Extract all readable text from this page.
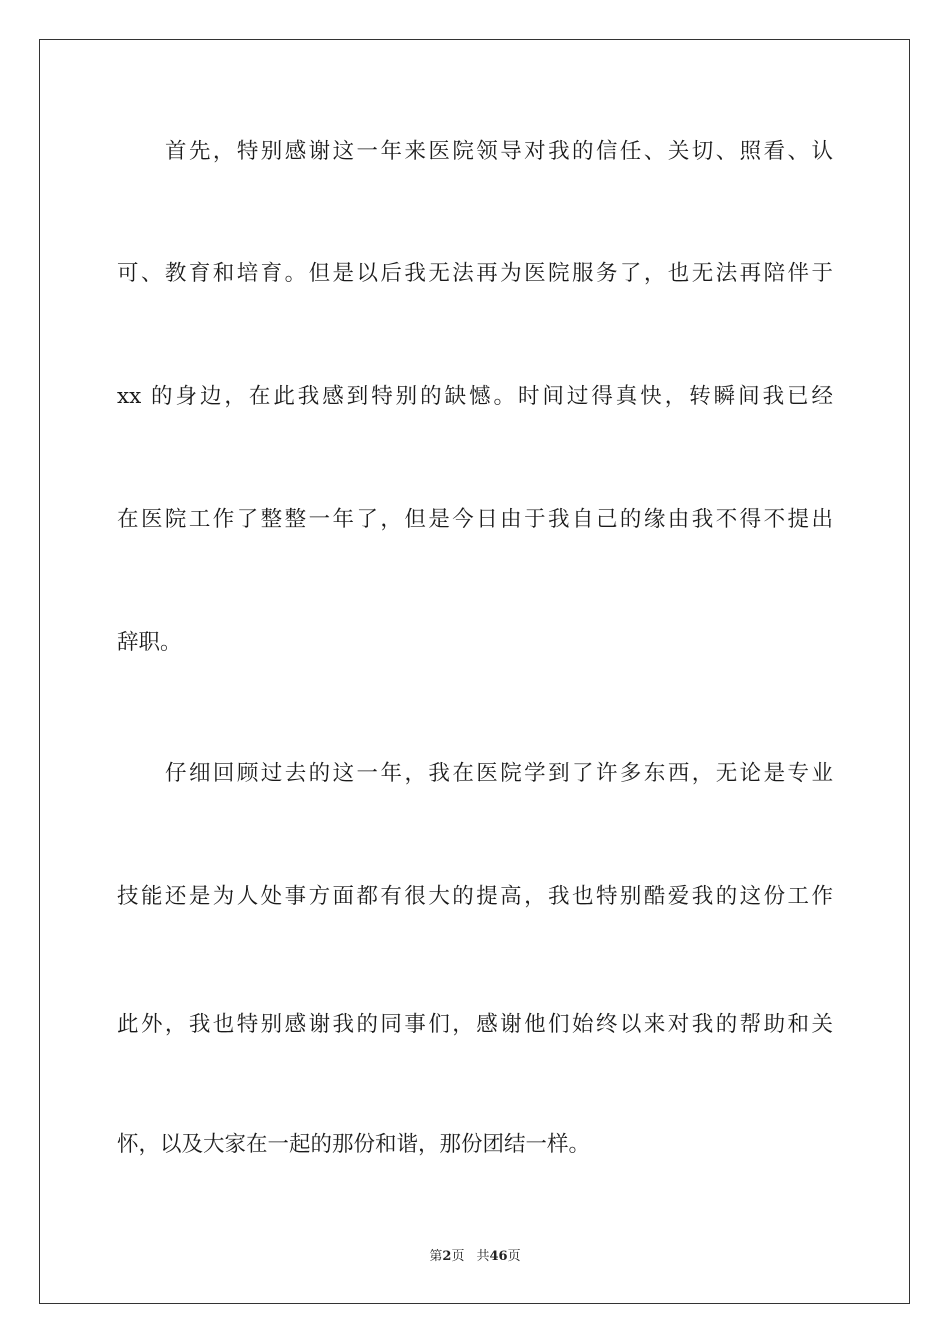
首先，特别感谢这一年来医院领导对我的信任、关切、照看、认
可、教育和培育。但是以后我无法再为医院服务了，也无法再陪伴于
xx 的身边，在此我感到特别的缺憾。时间过得真快，转瞬间我已经
在医院工作了整整一年了，但是今日由于我自己的缘由我不得不提出
辞职。
仔细回顾过去的这一年，我在医院学到了许多东西，无论是专业
技能还是为人处事方面都有很大的提高，我也特别酷爱我的这份工作
此外，我也特别感谢我的同事们，感谢他们始终以来对我的帮助和关
怀，以及大家在一起的那份和谐，那份团结一样。
第2页 共46页
